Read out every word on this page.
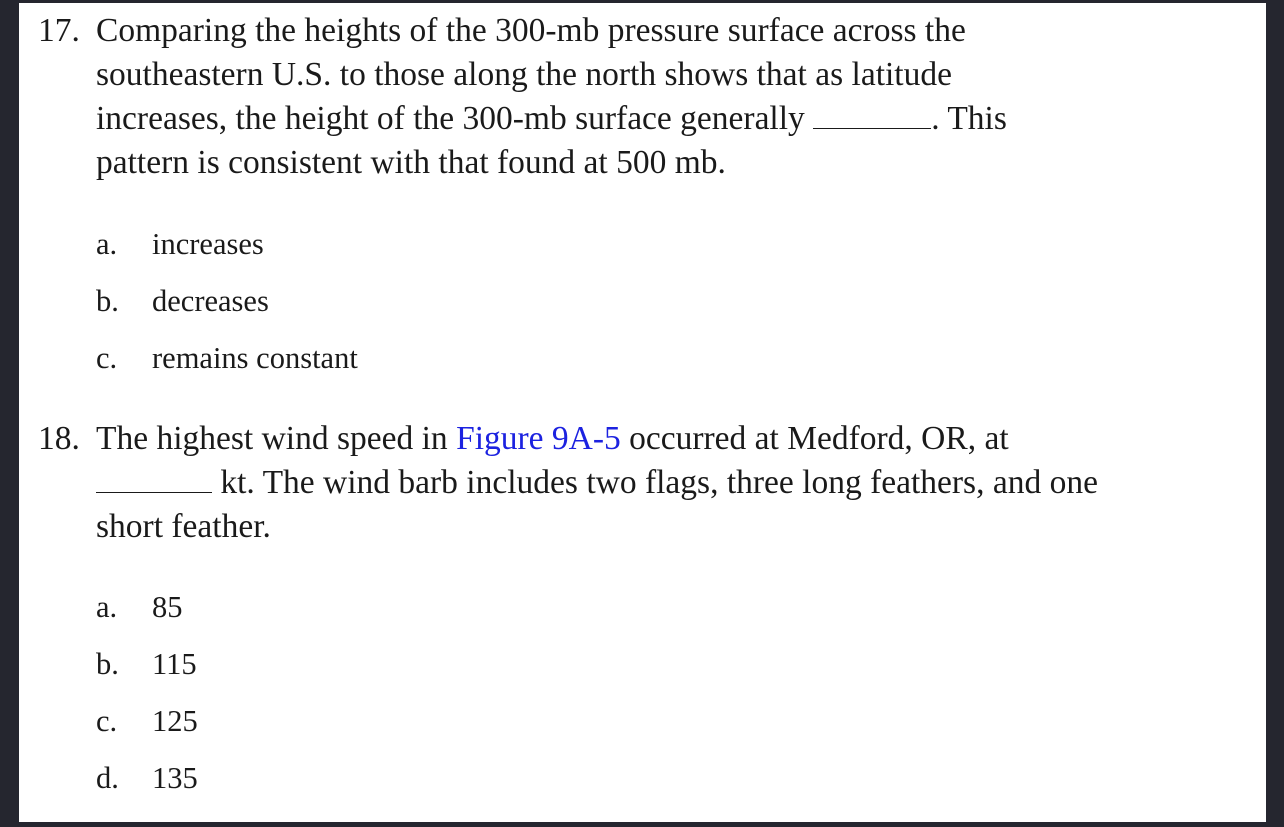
17. Comparing the heights of the 300-mb pressure surface across the
southeastern U.S. to those along the north shows that as latitude
increases, the height of the 300-mb surface generally	. This
pattern is consistent with that found at 500 mb.
a. increases
b. decreases
c. remains constant
18. The highest wind speed in Figure 9A-5 occurred at Medford, OR, at
kt. The wind barb includes two flags, three long feathers, and one
short feather.
a. 85
b. 115
c. 125
d. 135
